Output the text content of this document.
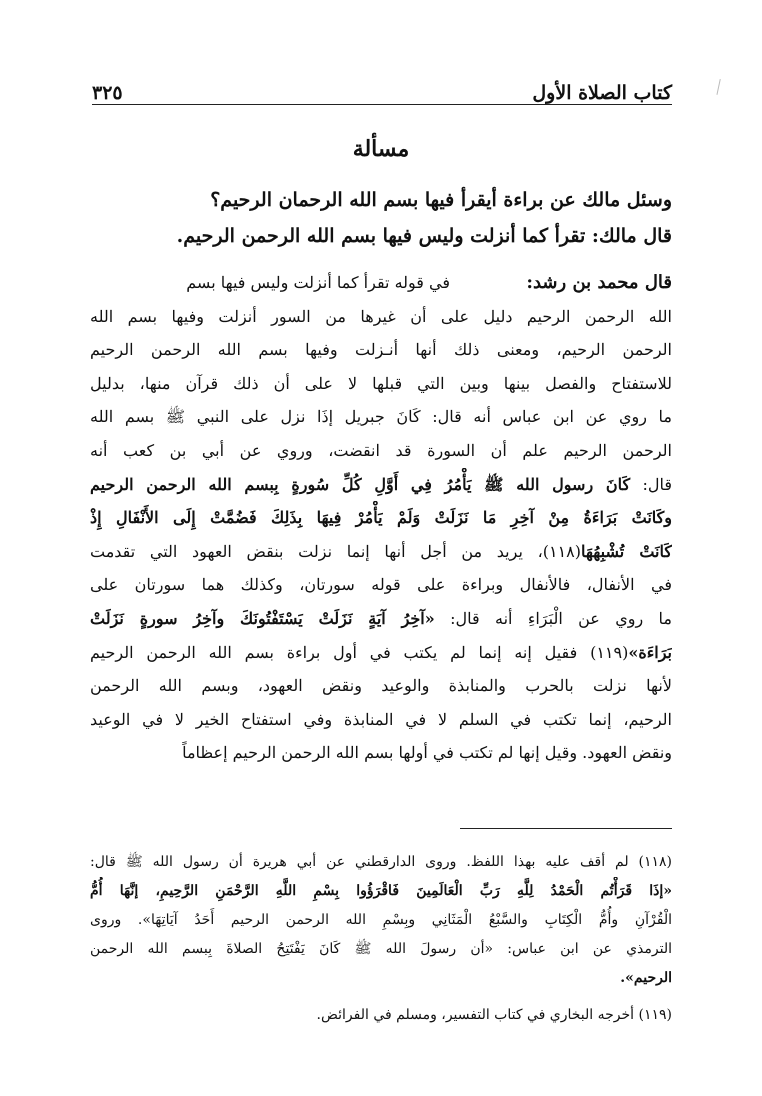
كتاب الصلاة الأول
٣٢٥
مسألة
وسئل مالك عن براءة أيقرأ فيها بسم الله الرحمان الرحيم؟
قال مالك: تقرأ كما أنزلت وليس فيها بسم الله الرحمن الرحيم.
قال محمد بن رشد:               في قوله تقرأ كما أنزلت وليس فيها بسم
الله الرحمن الرحيم دليل على أن غيرها من السور أنزلت وفيها بسم الله
الرحمن الرحيم، ومعنى ذلك أنها أنـزلت وفيها بسم الله الرحمن الرحيم
للاستفتاح والفصل بينها وبين التي قبلها لا على أن ذلك قرآن منها، بدليل
ما روي عن ابن عباس أنه قال: كَانَ جبريل إذَا نزل على النبي ﷺ بسم الله
الرحمن الرحيم علم أن السورة قد انقضت، وروي عن أبي بن كعب أنه
قال: كَانَ رسول الله ﷺ يَأْمُرُ فِي أَوَّلِ كُلِّ سُورةٍ بِبسم الله الرحمن الرحيم
وكَانَتْ بَرَاءَةُ مِنْ آخِرِ مَا نَزَلَتْ وَلَمْ يَأْمُرْ فِيهَا بِذَلِكَ فَضُمَّتْ إِلَى الأَنْفَالِ إِذْ
كَانَتْ تُشْبِهُهَا(١١٨)، يريد من أجل أنها إنما نزلت بنقض العهود التي تقدمت
في الأنفال، فالأنفال وبراءة على قوله سورتان، وكذلك هما سورتان على
ما روي عن الْبَرَاءِ أنه قال: «آخِرُ آيَةٍ نَزَلَتْ يَسْتَفْتُونَكَ وآخِرُ سورةٍ نَزَلَتْ
بَرَاءَة»(١١٩) فقيل إنه إنما لم يكتب في أول براءة بسم الله الرحمن الرحيم
لأنها نزلت بالحرب والمنابذة والوعيد ونقض العهود، وبسم الله الرحمن
الرحيم، إنما تكتب في السلم لا في المنابذة وفي استفتاح الخير لا في الوعيد
ونقض العهود. وقيل إنها لم تكتب في أولها بسم الله الرحمن الرحيم إعظاماً
(١١٨) لم أقف عليه بهذا اللفظ. وروى الدارقطني عن أبي هريرة أن رسول الله ﷺ قال:
«إذَا قَرَأْتُم الْحَمْدُ لِلَّهِ رَبِّ الْعَالَمِينَ فَاقْرَؤُوا بِسْمِ اللَّهِ الرَّحْمَنِ الرَّحِيمِ، إنَّهَا أُمُّ
الْقُرْآنِ وأُمُّ الْكِتَابِ والسَّبْعُ الْمَثَانِي وبِسْمِ الله الرحمن الرحيم أَحَدُ آيَاتِهَا». وروى
الترمذي عن ابن عباس: «أن رسولَ الله ﷺ كَانَ يَفْتَتِحُ الصلاةَ بِبسم الله الرحمن
الرحيم».
(١١٩) أخرجه البخاري في كتاب التفسير، ومسلم في الفرائض.
